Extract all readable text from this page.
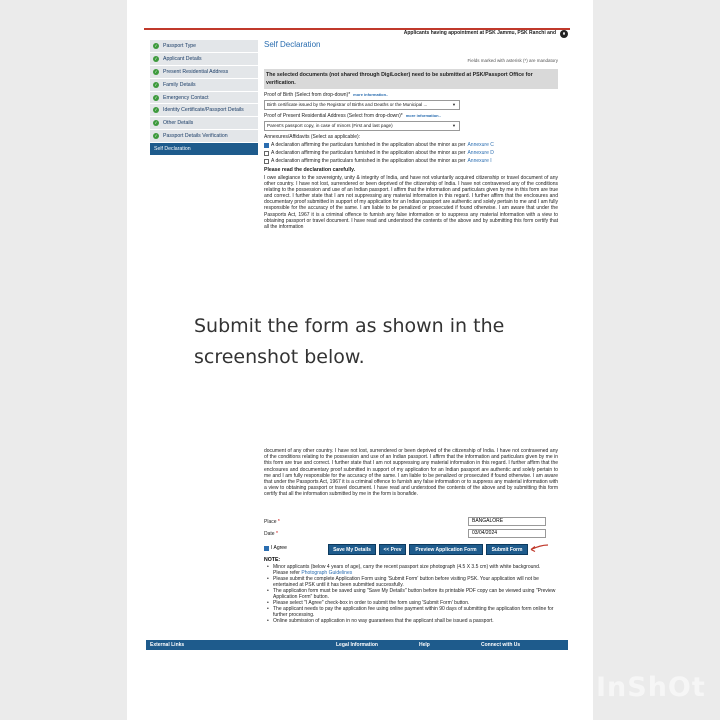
Applicants having appointment at PSK Jammu, PSK Ranchi and	⏸
✓ Passport Type
✓ Applicant Details
✓ Present Residential Address
✓ Family Details
✓ Emergency Contact
✓ Identity Certificate/Passport Details
✓ Other Details
✓ Passport Details Verification
Self Declaration
Self Declaration
Fields marked with asterisk (*) are mandatory
The selected documents (not shared through DigiLocker) need to be submitted at PSK/Passport Office for verification.
Proof of Birth (Select from drop-down)* more information..
Birth certificate issued by the Registrar of Births and Deaths or the Municipal ...	▼
Proof of Present Residential Address (Select from drop-down)* more information..
Parent's passport copy, in case of minors (First and last page)	▼
Annexures/Affidavits (Select as applicable):
A declaration affirming the particulars furnished in the application about the minor as per Annexure C
A declaration affirming the particulars furnished in the application about the minor as per Annexure D
A declaration affirming the particulars furnished in the application about the minor as per Annexure I
Please read the declaration carefully.
I owe allegiance to the sovereignty, unity & integrity of India, and have not voluntarily acquired citizenship or travel document of any other country. I have not lost, surrendered or been deprived of the citizenship of India. I have not contravened any of the conditions relating to the possession and use of an Indian passport. I affirm that the information and particulars given by me in this form are true and correct. I further state that I am not suppressing any material information in this regard. I further affirm that the enclosures and documentary proof submitted in support of my application for an Indian passport are authentic and solely pertain to me and I am fully responsible for the accuracy of the same. I am liable to be penalized or prosecuted if found otherwise. I am aware that under the Passports Act, 1967 it is a criminal offence to furnish any false information or to suppress any material information with a view to obtaining passport or travel document. I have read and understood the contents of the above and by submitting this form certify that all the information
Submit the form as shown in the screenshot below.
document of any other country. I have not lost, surrendered or been deprived of the citizenship of India. I have not contravened any of the conditions relating to the possession and use of an Indian passport. I affirm that the information and particulars given by me in this form are true and correct. I further state that I am not suppressing any material information in this regard. I further affirm that the enclosures and documentary proof submitted in support of my application for an Indian passport are authentic and solely pertain to me and I am fully responsible for the accuracy of the same. I am liable to be penalized or prosecuted if found otherwise. I am aware that under the Passports Act, 1967 it is a criminal offence to furnish any false information or to suppress any material information with a view to obtaining passport or travel document. I have read and understood the contents of the above and by submitting this form certify that all the information submitted by me in the form is bonafide.
Place *	BANGALORE
Date *	03/04/2024
I Agree	Save My Details	<< Prev	Preview Application Form	Submit Form
NOTE:
• Minor applicants (below 4 years of age), carry the recent passport size photograph (4.5 X 3.5 cm) with white background. Please refer Photograph Guidelines
• Please submit the complete Application Form using 'Submit Form' button before visiting PSK. Your application will not be entertained at PSK until it has been submitted successfully.
• The application form must be saved using "Save My Details" button before its printable PDF copy can be viewed using "Preview Application Form" button.
• Please select "I Agree" check-box in order to submit the form using 'Submit Form' button.
• The applicant needs to pay the application fee using online payment within 90 days of submitting the application form online for further processing.
• Online submission of application in no way guarantees that the applicant shall be issued a passport.
External Links	Legal Information	Help	Connect with Us
InShOt
